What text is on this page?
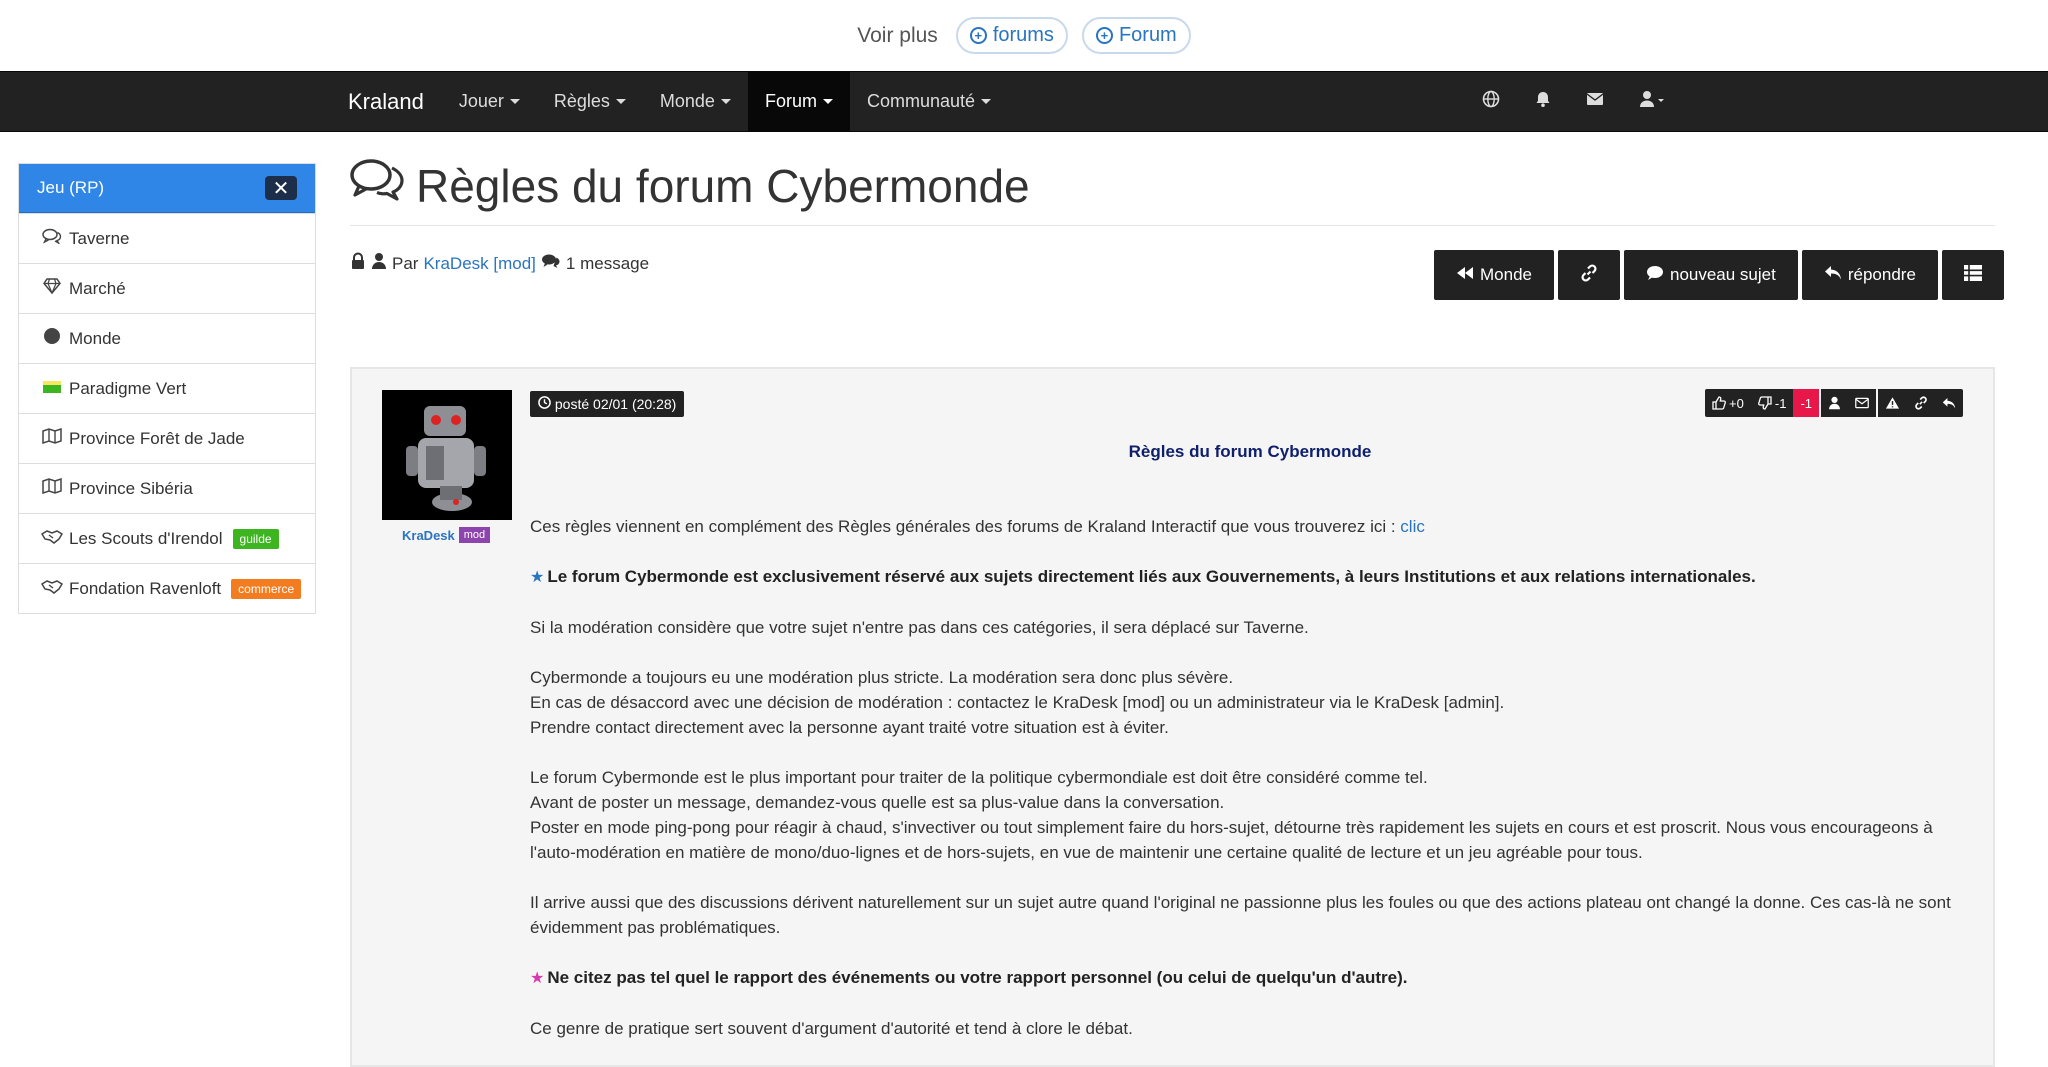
Voir plus	+ forums	+ Forum
Kraland	Jouer	Règles	Monde	Forum	Communauté
Jeu (RP)	✕
Taverne
Marché
Monde
Paradigme Vert
Province Forêt de Jade
Province Sibéria
Les Scouts d'Irendol	guilde
Fondation Ravenloft	commerce
Règles du forum Cybermonde
Par KraDesk [mod] 1 message
Monde	nouveau sujet	répondre
KraDesk mod
posté 02/01 (20:28)	+0 -1	-1
Règles du forum Cybermonde

Ces règles viennent en complément des Règles générales des forums de Kraland Interactif que vous trouverez ici : clic

★ Le forum Cybermonde est exclusivement réservé aux sujets directement liés aux Gouvernements, à leurs Institutions et aux relations internationales.

Si la modération considère que votre sujet n'entre pas dans ces catégories, il sera déplacé sur Taverne.

Cybermonde a toujours eu une modération plus stricte. La modération sera donc plus sévère.
En cas de désaccord avec une décision de modération : contactez le KraDesk [mod] ou un administrateur via le KraDesk [admin].
Prendre contact directement avec la personne ayant traité votre situation est à éviter.

Le forum Cybermonde est le plus important pour traiter de la politique cybermondiale est doit être considéré comme tel.
Avant de poster un message, demandez-vous quelle est sa plus-value dans la conversation.
Poster en mode ping-pong pour réagir à chaud, s'invectiver ou tout simplement faire du hors-sujet, détourne très rapidement les sujets en cours et est proscrit. Nous vous encourageons à l'auto-modération en matière de mono/duo-lignes et de hors-sujets, en vue de maintenir une certaine qualité de lecture et un jeu agréable pour tous.

Il arrive aussi que des discussions dérivent naturellement sur un sujet autre quand l'original ne passionne plus les foules ou que des actions plateau ont changé la donne. Ces cas-là ne sont évidemment pas problématiques.

★ Ne citez pas tel quel le rapport des événements ou votre rapport personnel (ou celui de quelqu'un d'autre).

Ce genre de pratique sert souvent d'argument d'autorité et tend à clore le débat.
